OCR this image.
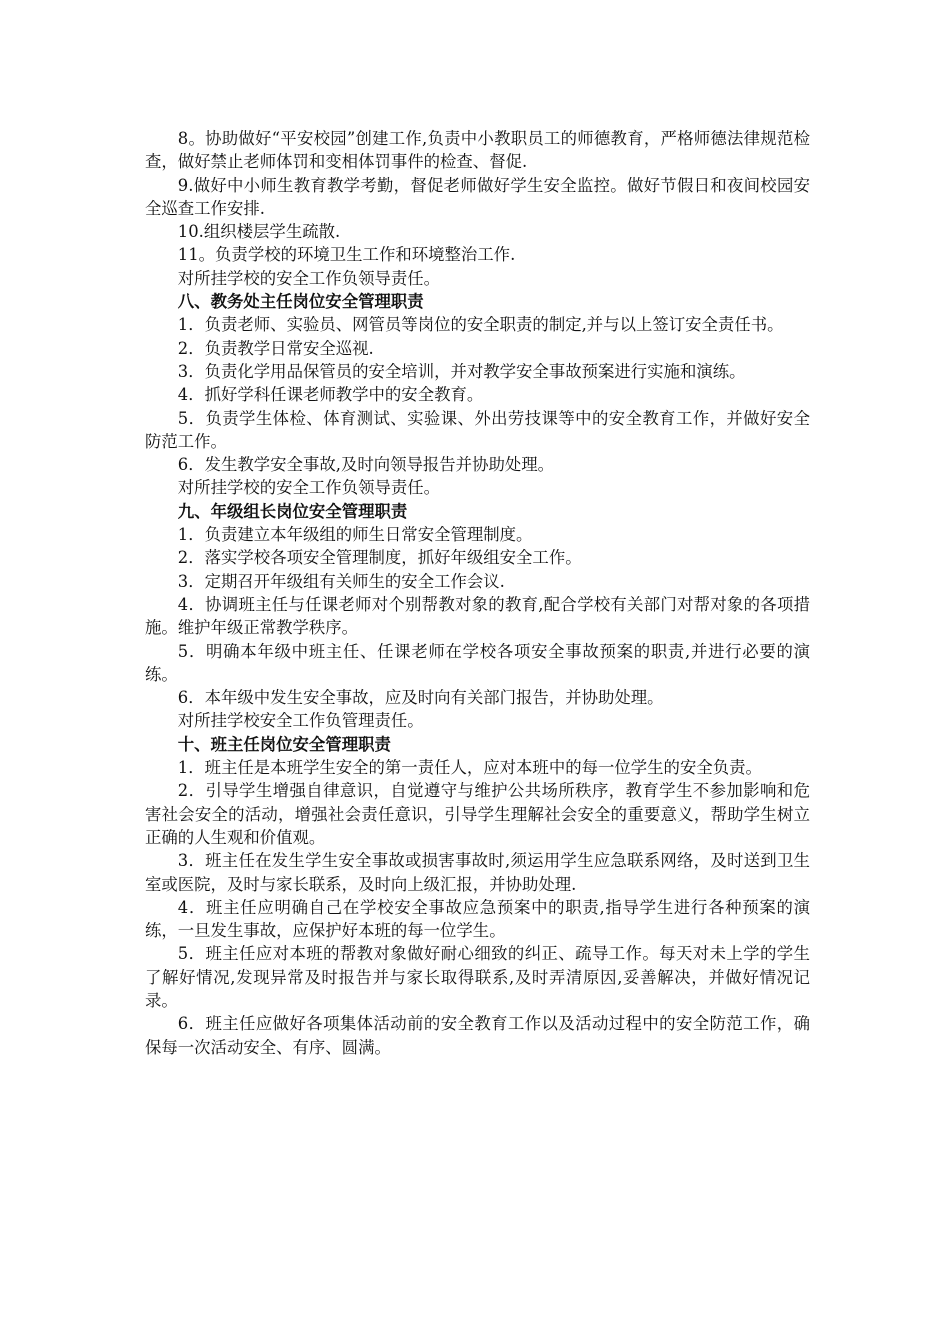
8。协助做好“平安校园”创建工作,负责中小教职员工的师德教育，严格师德法律规范检查，做好禁止老师体罚和变相体罚事件的检查、督促.

9.做好中小师生教育教学考勤，督促老师做好学生安全监控。做好节假日和夜间校园安全巡查工作安排.

10.组织楼层学生疏散.

11。负责学校的环境卫生工作和环境整治工作.

对所挂学校的安全工作负领导责任。

八、教务处主任岗位安全管理职责

1．负责老师、实验员、网管员等岗位的安全职责的制定,并与以上签订安全责任书。

2．负责教学日常安全巡视.

3．负责化学用品保管员的安全培训，并对教学安全事故预案进行实施和演练。

4．抓好学科任课老师教学中的安全教育。

5．负责学生体检、体育测试、实验课、外出劳技课等中的安全教育工作，并做好安全防范工作。

6．发生教学安全事故,及时向领导报告并协助处理。

对所挂学校的安全工作负领导责任。

九、年级组长岗位安全管理职责

1．负责建立本年级组的师生日常安全管理制度。

2．落实学校各项安全管理制度，抓好年级组安全工作。

3．定期召开年级组有关师生的安全工作会议.

4．协调班主任与任课老师对个别帮教对象的教育,配合学校有关部门对帮对象的各项措施。维护年级正常教学秩序。

5．明确本年级中班主任、任课老师在学校各项安全事故预案的职责,并进行必要的演练。

6．本年级中发生安全事故，应及时向有关部门报告，并协助处理。

对所挂学校安全工作负管理责任。

十、班主任岗位安全管理职责

1．班主任是本班学生安全的第一责任人，应对本班中的每一位学生的安全负责。

2．引导学生增强自律意识，自觉遵守与维护公共场所秩序，教育学生不参加影响和危害社会安全的活动，增强社会责任意识，引导学生理解社会安全的重要意义，帮助学生树立正确的人生观和价值观。

3．班主任在发生学生安全事故或损害事故时,须运用学生应急联系网络，及时送到卫生室或医院，及时与家长联系，及时向上级汇报，并协助处理.

4．班主任应明确自己在学校安全事故应急预案中的职责,指导学生进行各种预案的演练，一旦发生事故，应保护好本班的每一位学生。

5．班主任应对本班的帮教对象做好耐心细致的纠正、疏导工作。每天对未上学的学生了解好情况,发现异常及时报告并与家长取得联系,及时弄清原因,妥善解决，并做好情况记录。

6．班主任应做好各项集体活动前的安全教育工作以及活动过程中的安全防范工作，确保每一次活动安全、有序、圆满。
